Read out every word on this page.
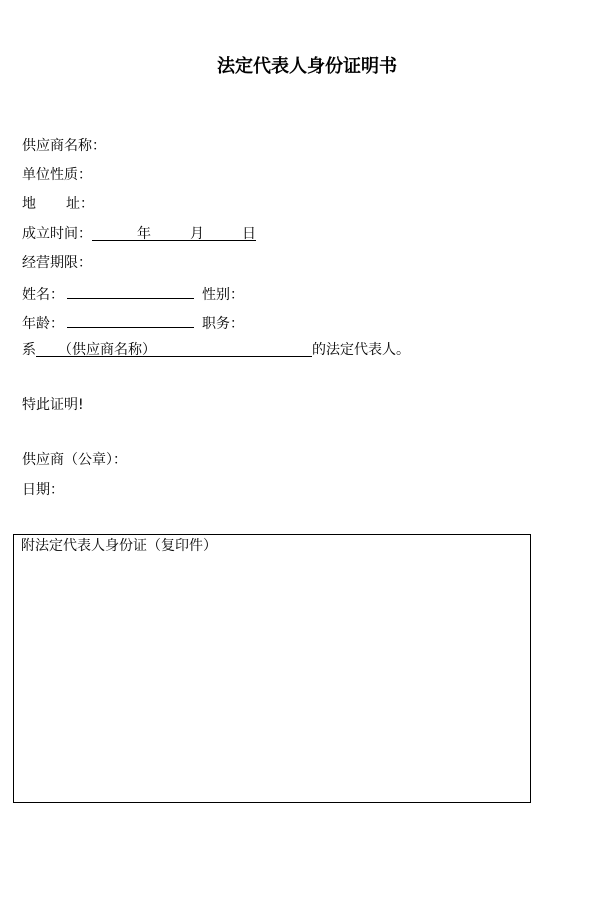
法定代表人身份证明书
供应商名称：
单位性质：
地 址：
成立时间：	年	月	日
经营期限：
姓名：	性别：
年龄：	职务：
系 （供应商名称）	的法定代表人。
特此证明!
供应商（公章）：
日期：
附法定代表人身份证（复印件）
